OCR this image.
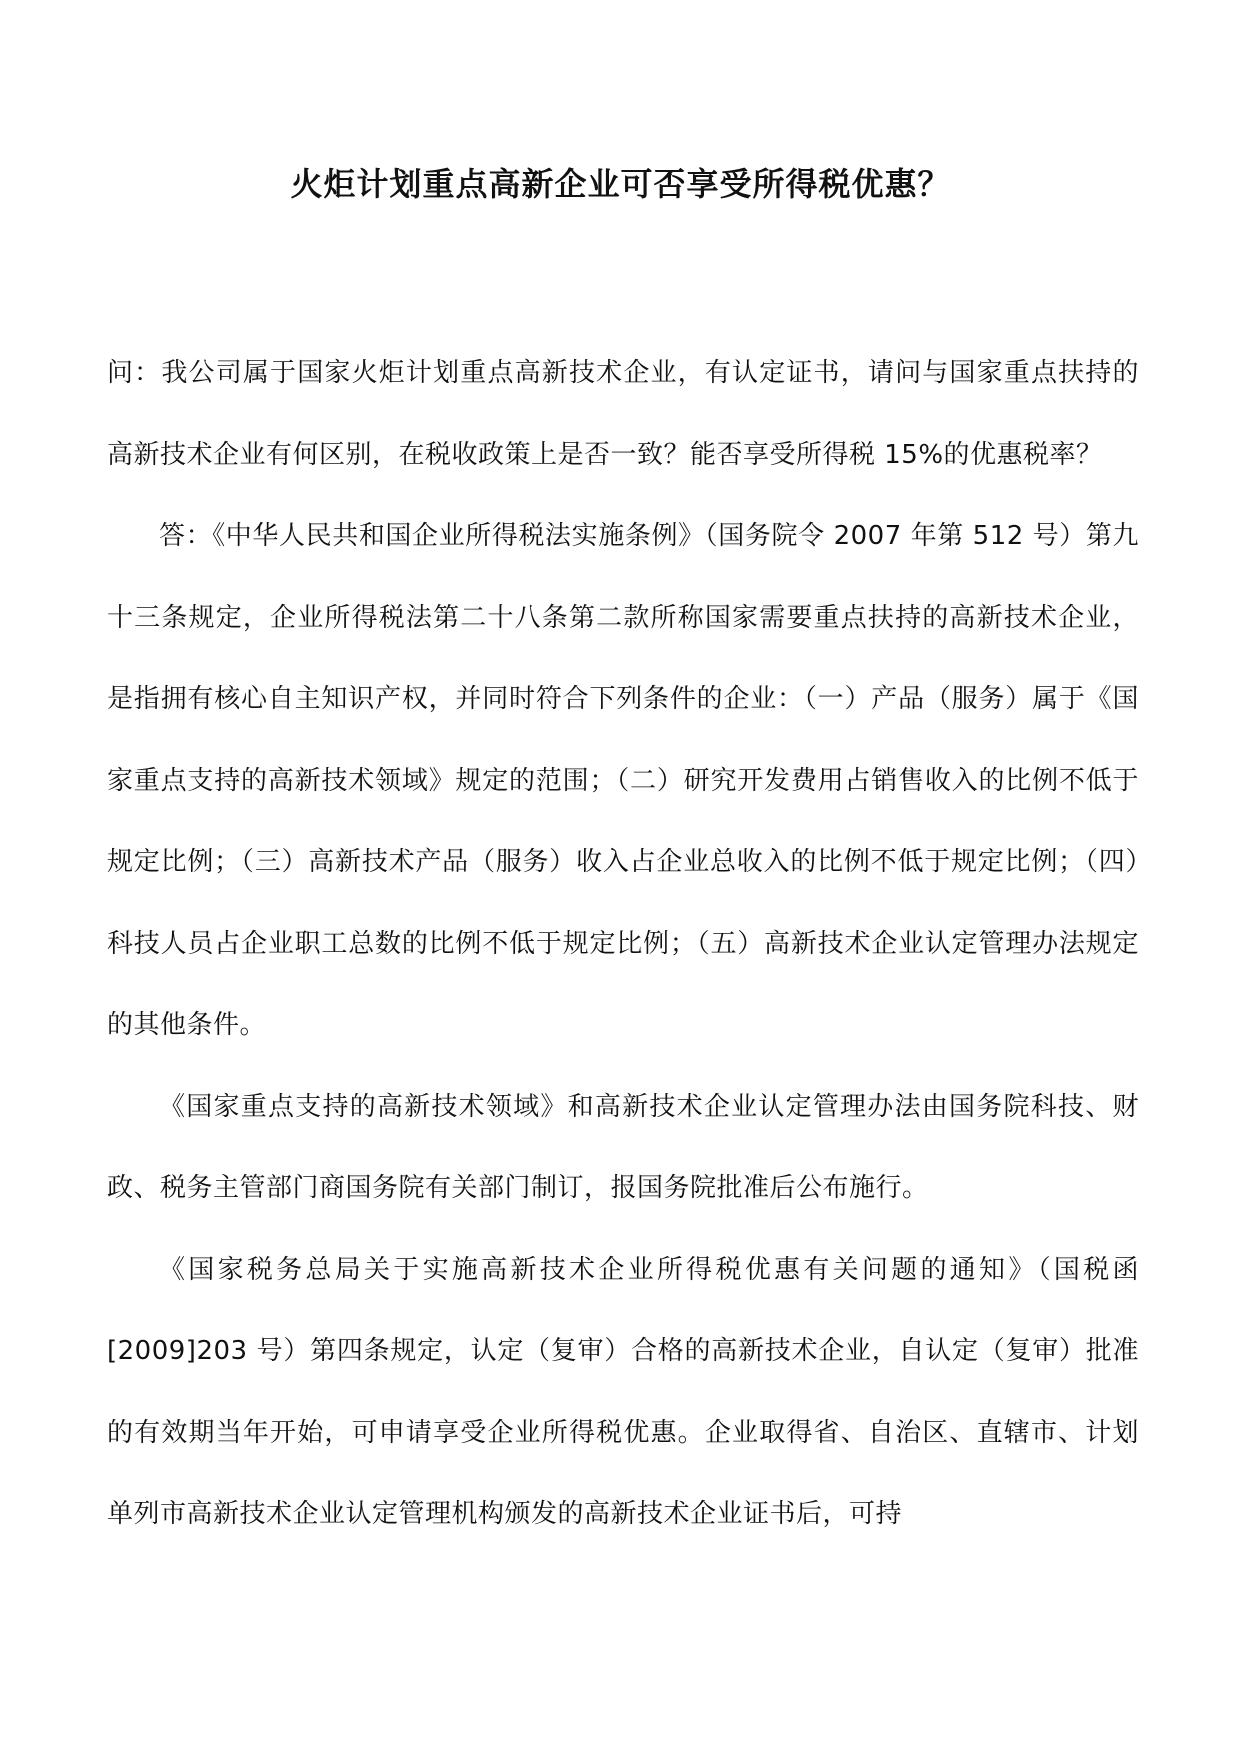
火炬计划重点高新企业可否享受所得税优惠？

问：我公司属于国家火炬计划重点高新技术企业，有认定证书，请问与国家重点扶持的高新技术企业有何区别，在税收政策上是否一致？能否享受所得税 15%的优惠税率？

答：《中华人民共和国企业所得税法实施条例》（国务院令 2007 年第 512 号）第九十三条规定，企业所得税法第二十八条第二款所称国家需要重点扶持的高新技术企业，是指拥有核心自主知识产权，并同时符合下列条件的企业：（一）产品（服务）属于《国家重点支持的高新技术领域》规定的范围；（二）研究开发费用占销售收入的比例不低于规定比例；（三）高新技术产品（服务）收入占企业总收入的比例不低于规定比例；（四）科技人员占企业职工总数的比例不低于规定比例；（五）高新技术企业认定管理办法规定的其他条件。

《国家重点支持的高新技术领域》和高新技术企业认定管理办法由国务院科技、财政、税务主管部门商国务院有关部门制订，报国务院批准后公布施行。

《国家税务总局关于实施高新技术企业所得税优惠有关问题的通知》（国税函[2009]203 号）第四条规定，认定（复审）合格的高新技术企业，自认定（复审）批准的有效期当年开始，可申请享受企业所得税优惠。企业取得省、自治区、直辖市、计划单列市高新技术企业认定管理机构颁发的高新技术企业证书后，可持
